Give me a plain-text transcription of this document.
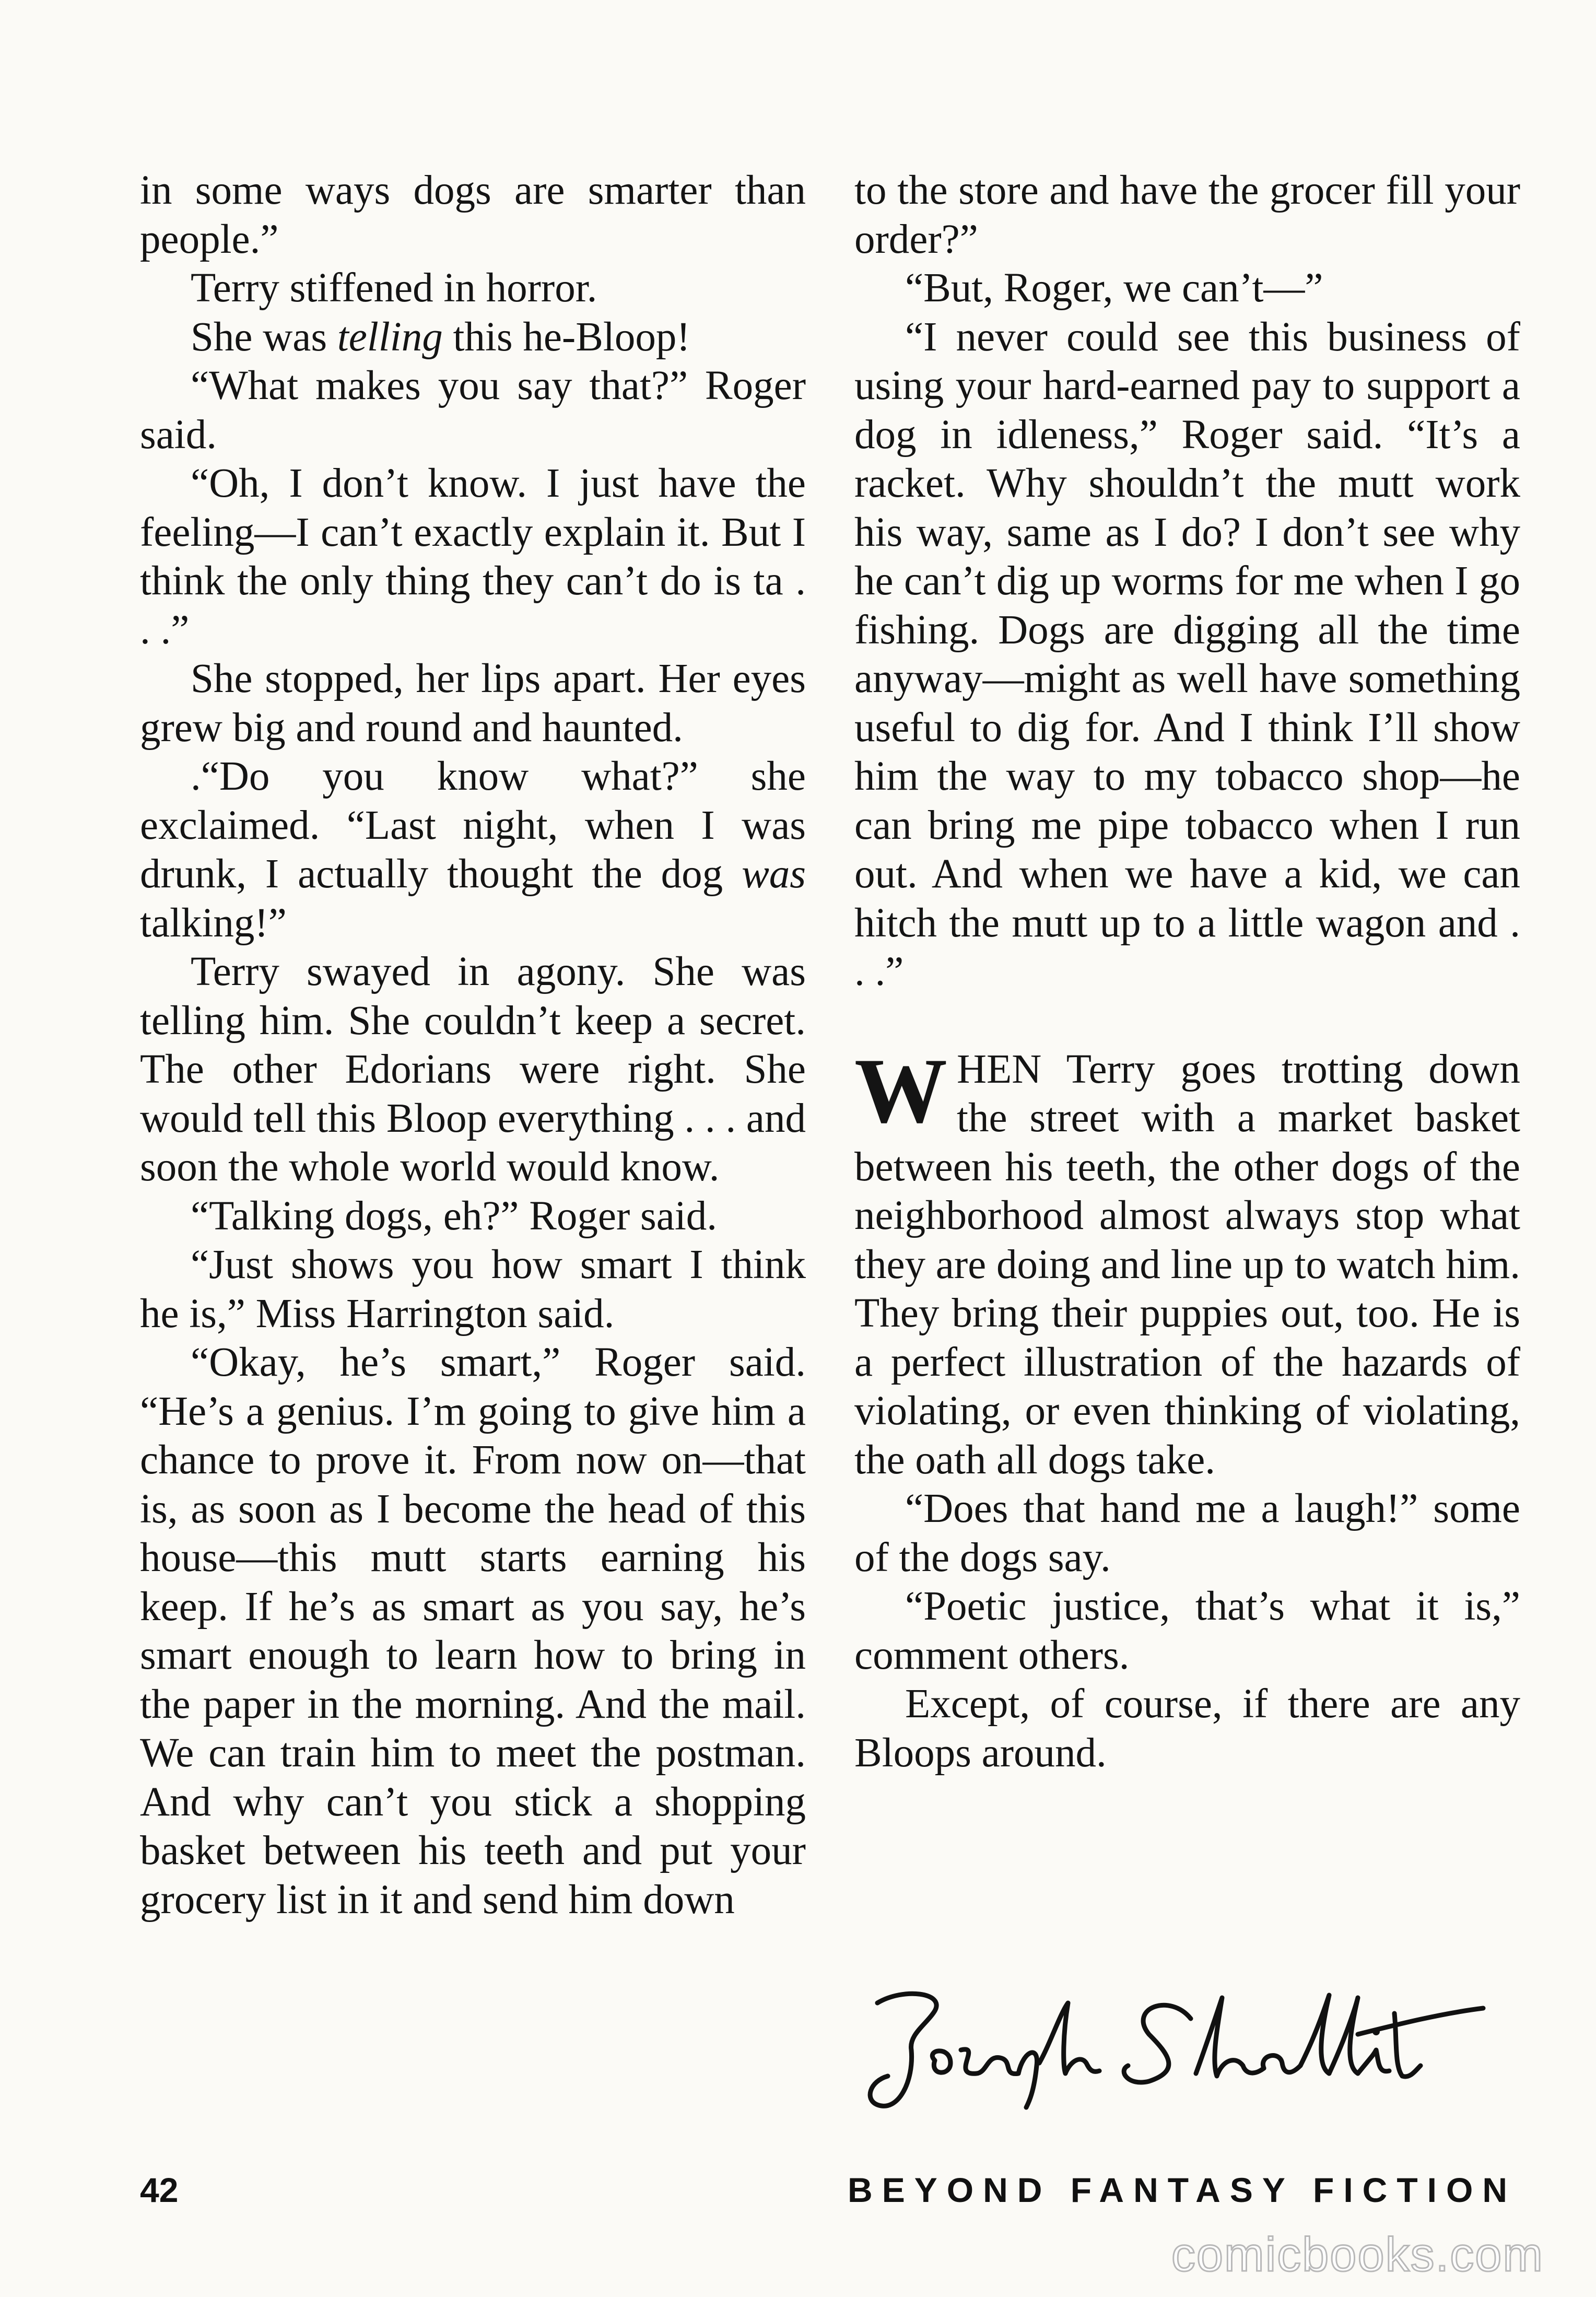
in some ways dogs are smarter than people.”

Terry stiffened in horror.

She was telling this he-Bloop!

“What makes you say that?” Roger said.

“Oh, I don’t know. I just have the feeling—I can’t exactly explain it. But I think the only thing they can’t do is ta . . .”

She stopped, her lips apart. Her eyes grew big and round and haunted.

.“Do you know what?” she exclaimed. “Last night, when I was drunk, I actually thought the dog was talking!”

Terry swayed in agony. She was telling him. She couldn’t keep a secret. The other Edorians were right. She would tell this Bloop everything . . . and soon the whole world would know.

“Talking dogs, eh?” Roger said.

“Just shows you how smart I think he is,” Miss Harrington said.

“Okay, he’s smart,” Roger said. “He’s a genius. I’m going to give him a chance to prove it. From now on—that is, as soon as I become the head of this house—this mutt starts earning his keep. If he’s as smart as you say, he’s smart enough to learn how to bring in the paper in the morning. And the mail. We can train him to meet the postman. And why can’t you stick a shopping basket between his teeth and put your grocery list in it and send him down

to the store and have the grocer fill your order?”

“But, Roger, we can’t—”

“I never could see this business of using your hard-earned pay to support a dog in idleness,” Roger said. “It’s a racket. Why shouldn’t the mutt work his way, same as I do? I don’t see why he can’t dig up worms for me when I go fishing. Dogs are digging all the time anyway—might as well have something useful to dig for. And I think I’ll show him the way to my tobacco shop—he can bring me pipe tobacco when I run out. And when we have a kid, we can hitch the mutt up to a little wagon and . . .”

WHEN Terry goes trotting down the street with a market basket between his teeth, the other dogs of the neighborhood almost always stop what they are doing and line up to watch him. They bring their puppies out, too. He is a perfect illustration of the hazards of violating, or even thinking of violating, the oath all dogs take.

“Does that hand me a laugh!” some of the dogs say.

“Poetic justice, that’s what it is,” comment others.

Except, of course, if there are any Bloops around.

42	BEYOND FANTASY FICTION
comicbooks.com
